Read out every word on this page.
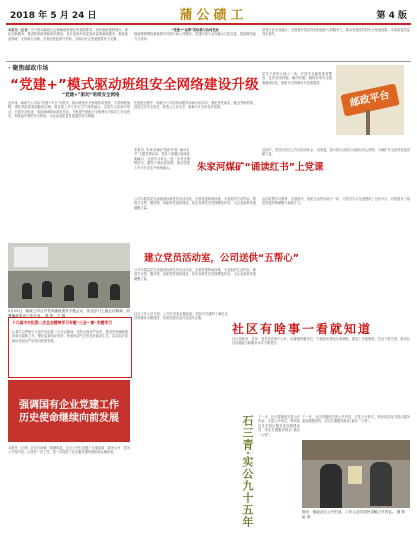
2018 年 5 月 24 日	蒲公碛工	第 4 版
本报讯（記者）关于推动邮政社会保障政策深化的通知要求，加快邮政便利网点、深化创新服务，推进机制改革和组织建设，旨在加快形成更高质量的邮政服务，强化基层保障，支持地方治理，完善经营监督与考核，为推动社会发展提供有力支撑。
“党建+”品牌”的助推与协同发展
邮政保障网络承载着乡村振兴和公共服务，党建引领与业务融合互促共进，提高服务能力与效率。
党建与业务双融合，全面提升基层党组织组织力和服务力，推动党建成效转化为发展成果，实现质量效益同步提升。
· 聚焦邮政市场
“党建+”模式驱动班组安全网络建设升级
“党建+”驱动”班组安全网络
近年来，邮政分公司以“党建+安全”为抓手，推动班组安全管理体系建设，完善制度流程，强化风险排查和隐患治理，将党建工作与安全生产深度融合，以党员示范岗为带动，开展安全检查、培训演练和标准化作业，不断提升班组安全管理水平和员工安全意识，构筑起牢固的安全防线，为企业高质量发展提供坚实保障。
在推进过程中，邮政分公司坚持问题导向和目标导向，强化责任落实，健全考核机制，层层压实安全责任，营造人人讲安全、事事为安全的良好氛围。
党员干部带头深入一线，开展安全隐患排查整治，及时发现问题、解决问题，确保各项安全措施落到实处，班组安全管理水平显著提高。
邮政平台
本报讯 朱家河煤矿组织开展“诵读红书”主题党课活动，党员干部通过诵读经典篇目、交流学习体会，进一步坚定理想信念，激发干事创业热情，推动党建工作与安全生产深度融合。	朱家河煤矿“诵读红书”上党课
活动中，党员们结合工作实际谈体会、话发展，表示将以实际行动践行初心使命，为煤矿安全高效发展贡献力量。
公司为基层党支部建设标准化党员活动室，完善党建阵地设施，丰富组织生活内容，推进学习型、服务型、创新型党组织建设，切实发挥党员先锋模范作用，为企业改革发展凝聚力量。
建立党员活动室，公司送供“五帮心”
活动室集学习教育、交流研讨、组织生活等功能于一体，为党员学习交流提供了良好平台，有效提升了基层党组织的凝聚力和战斗力。
公司为基层党支部建设标准化党员活动室，完善党建阵地设施，丰富组织生活内容，推进学习型、服务型、创新型党组织建设，切实发挥党员先锋模范作用，为企业改革发展凝聚力量。
5月23日，邮政公司召开党风廉政建设专题会议，传达学习上级会议精神，部署廉政建设工作任务。 摄 影：王 磊
十九届中央纪委二次全会精神学习专题“三会一课”专题学习
认真学习贯彻十九届中央纪委二次全会精神，坚持全面从严治党，推进党风廉政建设和反腐败工作，强化监督执纪问责，营造风清气正的良好政治生态，以实际行动推动全面从严治党向纵深发展。
强调国有企业党建工作
历史使命继续向前发展
本报讯（记者）社区有啥事一看就知道，社区公开栏设置了办事指南、政务公开、党务公开等内容，让居民一目了然，进一步提高了社区服务透明度和群众满意度。
社区工作人员介绍，公开栏内容定期更新，居民可以随时了解社区各项事务办理进度，有意见建议也可以及时反馈。
社区有啥事一看就知道
社区将政务、党务、居务信息集中公开，设置便民服务栏，方便居民查阅办事流程，提高工作透明度，拉近干群关系，推动社区治理能力和服务水平不断提升。
石三青·实公九十五年 下一步，社区将继续完善公开内容，丰富公开形式，利用信息化手段让服务更加便捷高效，切实打通服务群众“最后一公里”。
下一步，社区将继续完善公开内容，丰富公开形式，利用信息化手段让服务更加便捷高效，切实打通服务群众“最后一公里”。
图为：邮政社区公开栏前，工作人员向居民讲解公开内容。 摄 影：赵 涛
